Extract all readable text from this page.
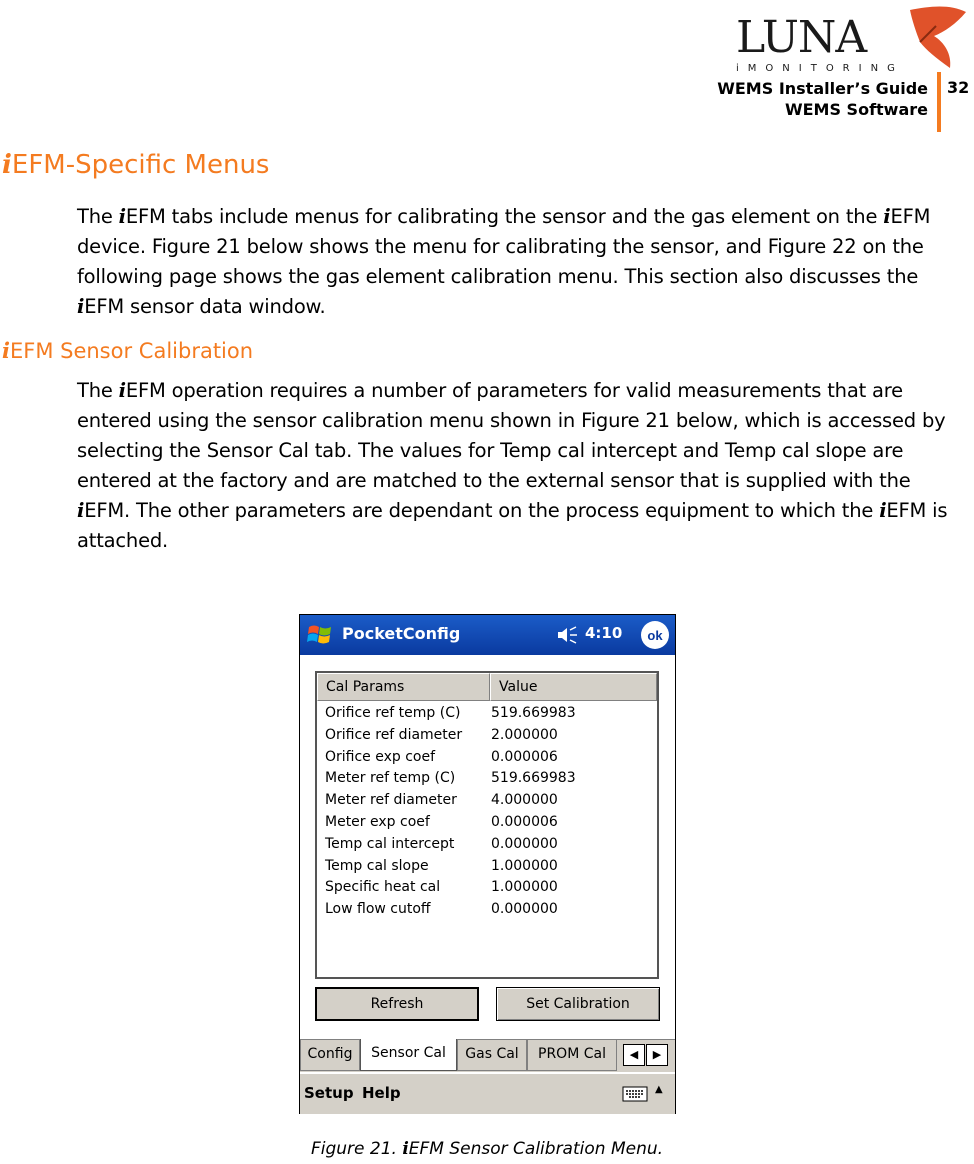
LUNA
iMONITORING
WEMS Installer’s Guide
WEMS Software
32
iEFM-Specific Menus
The iEFM tabs include menus for calibrating the sensor and the gas element on the iEFM device. Figure 21 below shows the menu for calibrating the sensor, and Figure 22 on the following page shows the gas element calibration menu. This section also discusses the iEFM sensor data window.
iEFM Sensor Calibration
The iEFM operation requires a number of parameters for valid measurements that are entered using the sensor calibration menu shown in Figure 21 below, which is accessed by selecting the Sensor Cal tab. The values for Temp cal intercept and Temp cal slope are entered at the factory and are matched to the external sensor that is supplied with the iEFM. The other parameters are dependant on the process equipment to which the iEFM is attached.
PocketConfig	4:10	ok
Cal Params	Value
Orifice ref temp (C) 519.669983
Orifice ref diameter 2.000000
Orifice exp coef	0.000006
Meter ref temp (C)	519.669983
Meter ref diameter 4.000000
Meter exp coef	0.000006
Temp cal intercept	0.000000
Temp cal slope	1.000000
Specific heat cal	1.000000
Low flow cutoff	0.000000
Refresh	Set Calibration
Config	Sensor Cal	Gas Cal	PROM Cal	◀	▶
Setup Help	▲
Figure 21. iEFM Sensor Calibration Menu.
